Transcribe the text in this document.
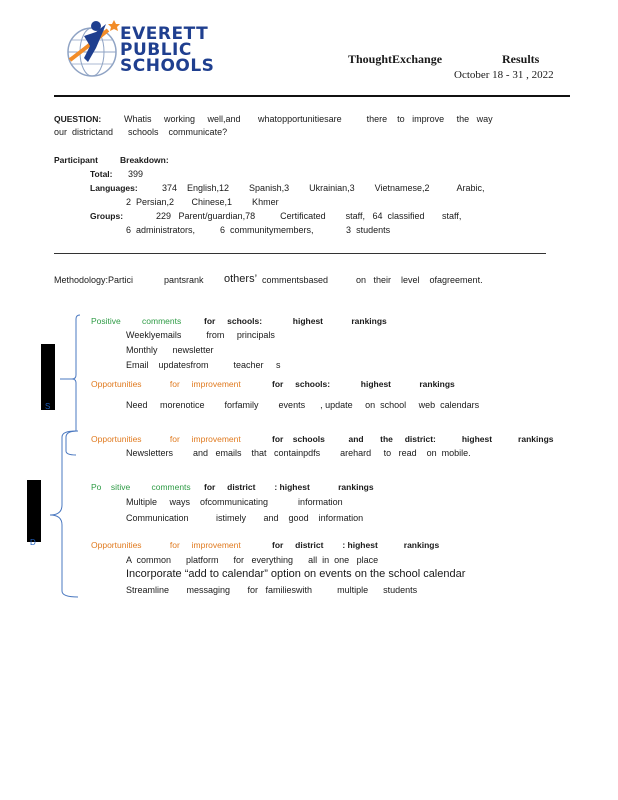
EVERETT
PUBLIC
SCHOOLS	ThoughtExchange	Results
October 18 - 31 , 2022
QUESTION:	Whatis     working     well,and       whatopportunitiesare          there    to   improve     the   way
our  districtand      schools    communicate?
Participant	Breakdown:
Total: 399
Languages:	374    English,12        Spanish,3        Ukrainian,3        Vietnamese,2           Arabic,
2  Persian,2       Chinese,1        Khmer
Groups:	229   Parent/guardian,78          Certificated        staff,   64  classified       staff,
6  administrators,          6  communitymembers,             3  students
Methodology:Partici	pantsrank others’ commentsbased	on   their    level    ofagreement.
S
D
Positive         comments	for     schools:             highest            rankings
Weeklyemails          from     principals
Monthly      newsletter
Email    updatesfrom          teacher     s
Opportunities            for     improvement	for     schools:             highest            rankings
Need     morenotice        forfamily        events      , update     on  school     web  calendars
Opportunities            for     improvement	for    schools          and       the     district:           highest           rankings
Newsletters        and   emails    that   containpdfs        arehard     to   read    on  mobile.
Po    sitive         comments for     district        : highest            rankings
Multiple     ways    ofcommunicating            information
Communication           istimely       and    good    information
Opportunities            for     improvement	for     district        : highest           rankings
A  common      platform      for   everything      all  in  one   place
Incorporate “add to calendar” option on events on the school calendar
Streamline       messaging       for   familieswith          multiple      students
